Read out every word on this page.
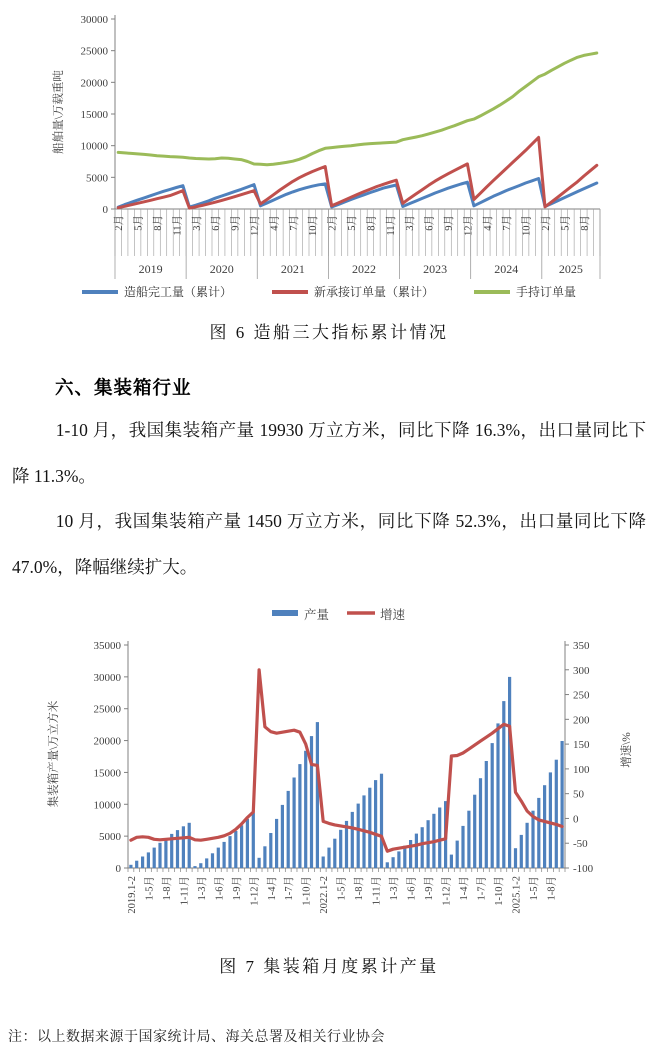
0
5000
10000
15000
20000
25000
30000
2月 5月 8月 11月 3月 6月 9月 12月 4月 7月 10月 2月 5月 8月 11月 3月 6月 9月 12月 4月 7月 10月 2月 5月 8月
2019	2020	2021	2022	2023	2024	2025
船舶量\万载重吨
造船完工量（累计）	新承接订单量（累计）	手持订单量
图 6 造船三大指标累计情况
六、集装箱行业

1-10 月，我国集装箱产量 19930 万立方米，同比下降 16.3%，出口量同比下降 11.3%。

10 月，我国集装箱产量 1450 万立方米，同比下降 52.3%，出口量同比下降 47.0%，降幅继续扩大。

0
5000
10000
15000
20000
25000
30000
35000
-100
-50
0
50
100
150
200
250
300
350
2019.1-2 1-5月 1-8月 1-11月 1-3月 1-6月 1-9月 1-12月 1-4月 1-7月 1-10月 2022.1-2 1-5月 1-8月 1-11月 1-3月 1-6月 1-9月 1-12月 1-4月 1-7月 1-10月 2025.1-2 1-5月 1-8月
集装箱产量\万立方米	增速\%
产量	增速
图 7 集装箱月度累计产量
注：以上数据来源于国家统计局、海关总署及相关行业协会
